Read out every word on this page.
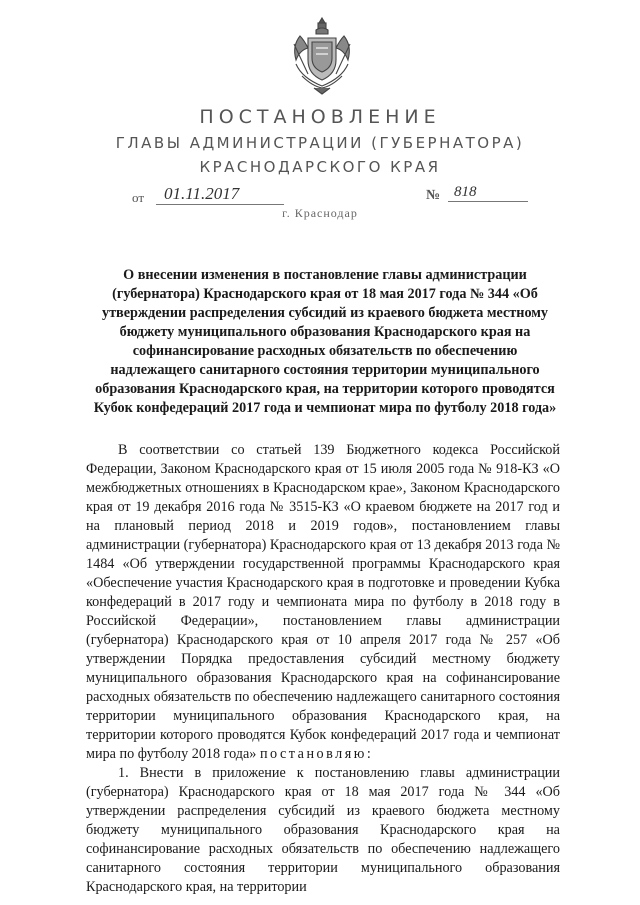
ПОСТАНОВЛЕНИЕ
ГЛАВЫ АДМИНИСТРАЦИИ (ГУБЕРНАТОРА)
КРАСНОДАРСКОГО КРАЯ
от	01.11.2017	№ 818
г. Краснодар
О внесении изменения в постановление главы администрации (губернатора) Краснодарского края от 18 мая 2017 года № 344 «Об утверждении распределения субсидий из краевого бюджета местному бюджету муниципального образования Краснодарского края на софинансирование расходных обязательств по обеспечению надлежащего санитарного состояния территории муниципального образования Краснодарского края, на территории которого проводятся Кубок конфедераций 2017 года и чемпионат мира по футболу 2018 года»

В соответствии со статьей 139 Бюджетного кодекса Российской Федерации, Законом Краснодарского края от 15 июля 2005 года № 918-КЗ «О межбюджетных отношениях в Краснодарском крае», Законом Краснодарского края от 19 декабря 2016 года № 3515-КЗ «О краевом бюджете на 2017 год и на плановый период 2018 и 2019 годов», постановлением главы администрации (губернатора) Краснодарского края от 13 декабря 2013 года № 1484 «Об утверждении государственной программы Краснодарского края «Обеспечение участия Краснодарского края в подготовке и проведении Кубка конфедераций в 2017 году и чемпионата мира по футболу в 2018 году в Российской Федерации», постановлением главы администрации (губернатора) Краснодарского края от 10 апреля 2017 года № 257 «Об утверждении Порядка предоставления субсидий местному бюджету муниципального образования Краснодарского края на софинансирование расходных обязательств по обеспечению надлежащего санитарного состояния территории муниципального образования Краснодарского края, на территории которого проводятся Кубок конфедераций 2017 года и чемпионат мира по футболу 2018 года» постановляю:

1. Внести в приложение к постановлению главы администрации (губернатора) Краснодарского края от 18 мая 2017 года № 344 «Об утверждении распределения субсидий из краевого бюджета местному бюджету муниципального образования Краснодарского края на софинансирование расходных обязательств по обеспечению надлежащего санитарного состояния территории муниципального образования Краснодарского края, на территории
